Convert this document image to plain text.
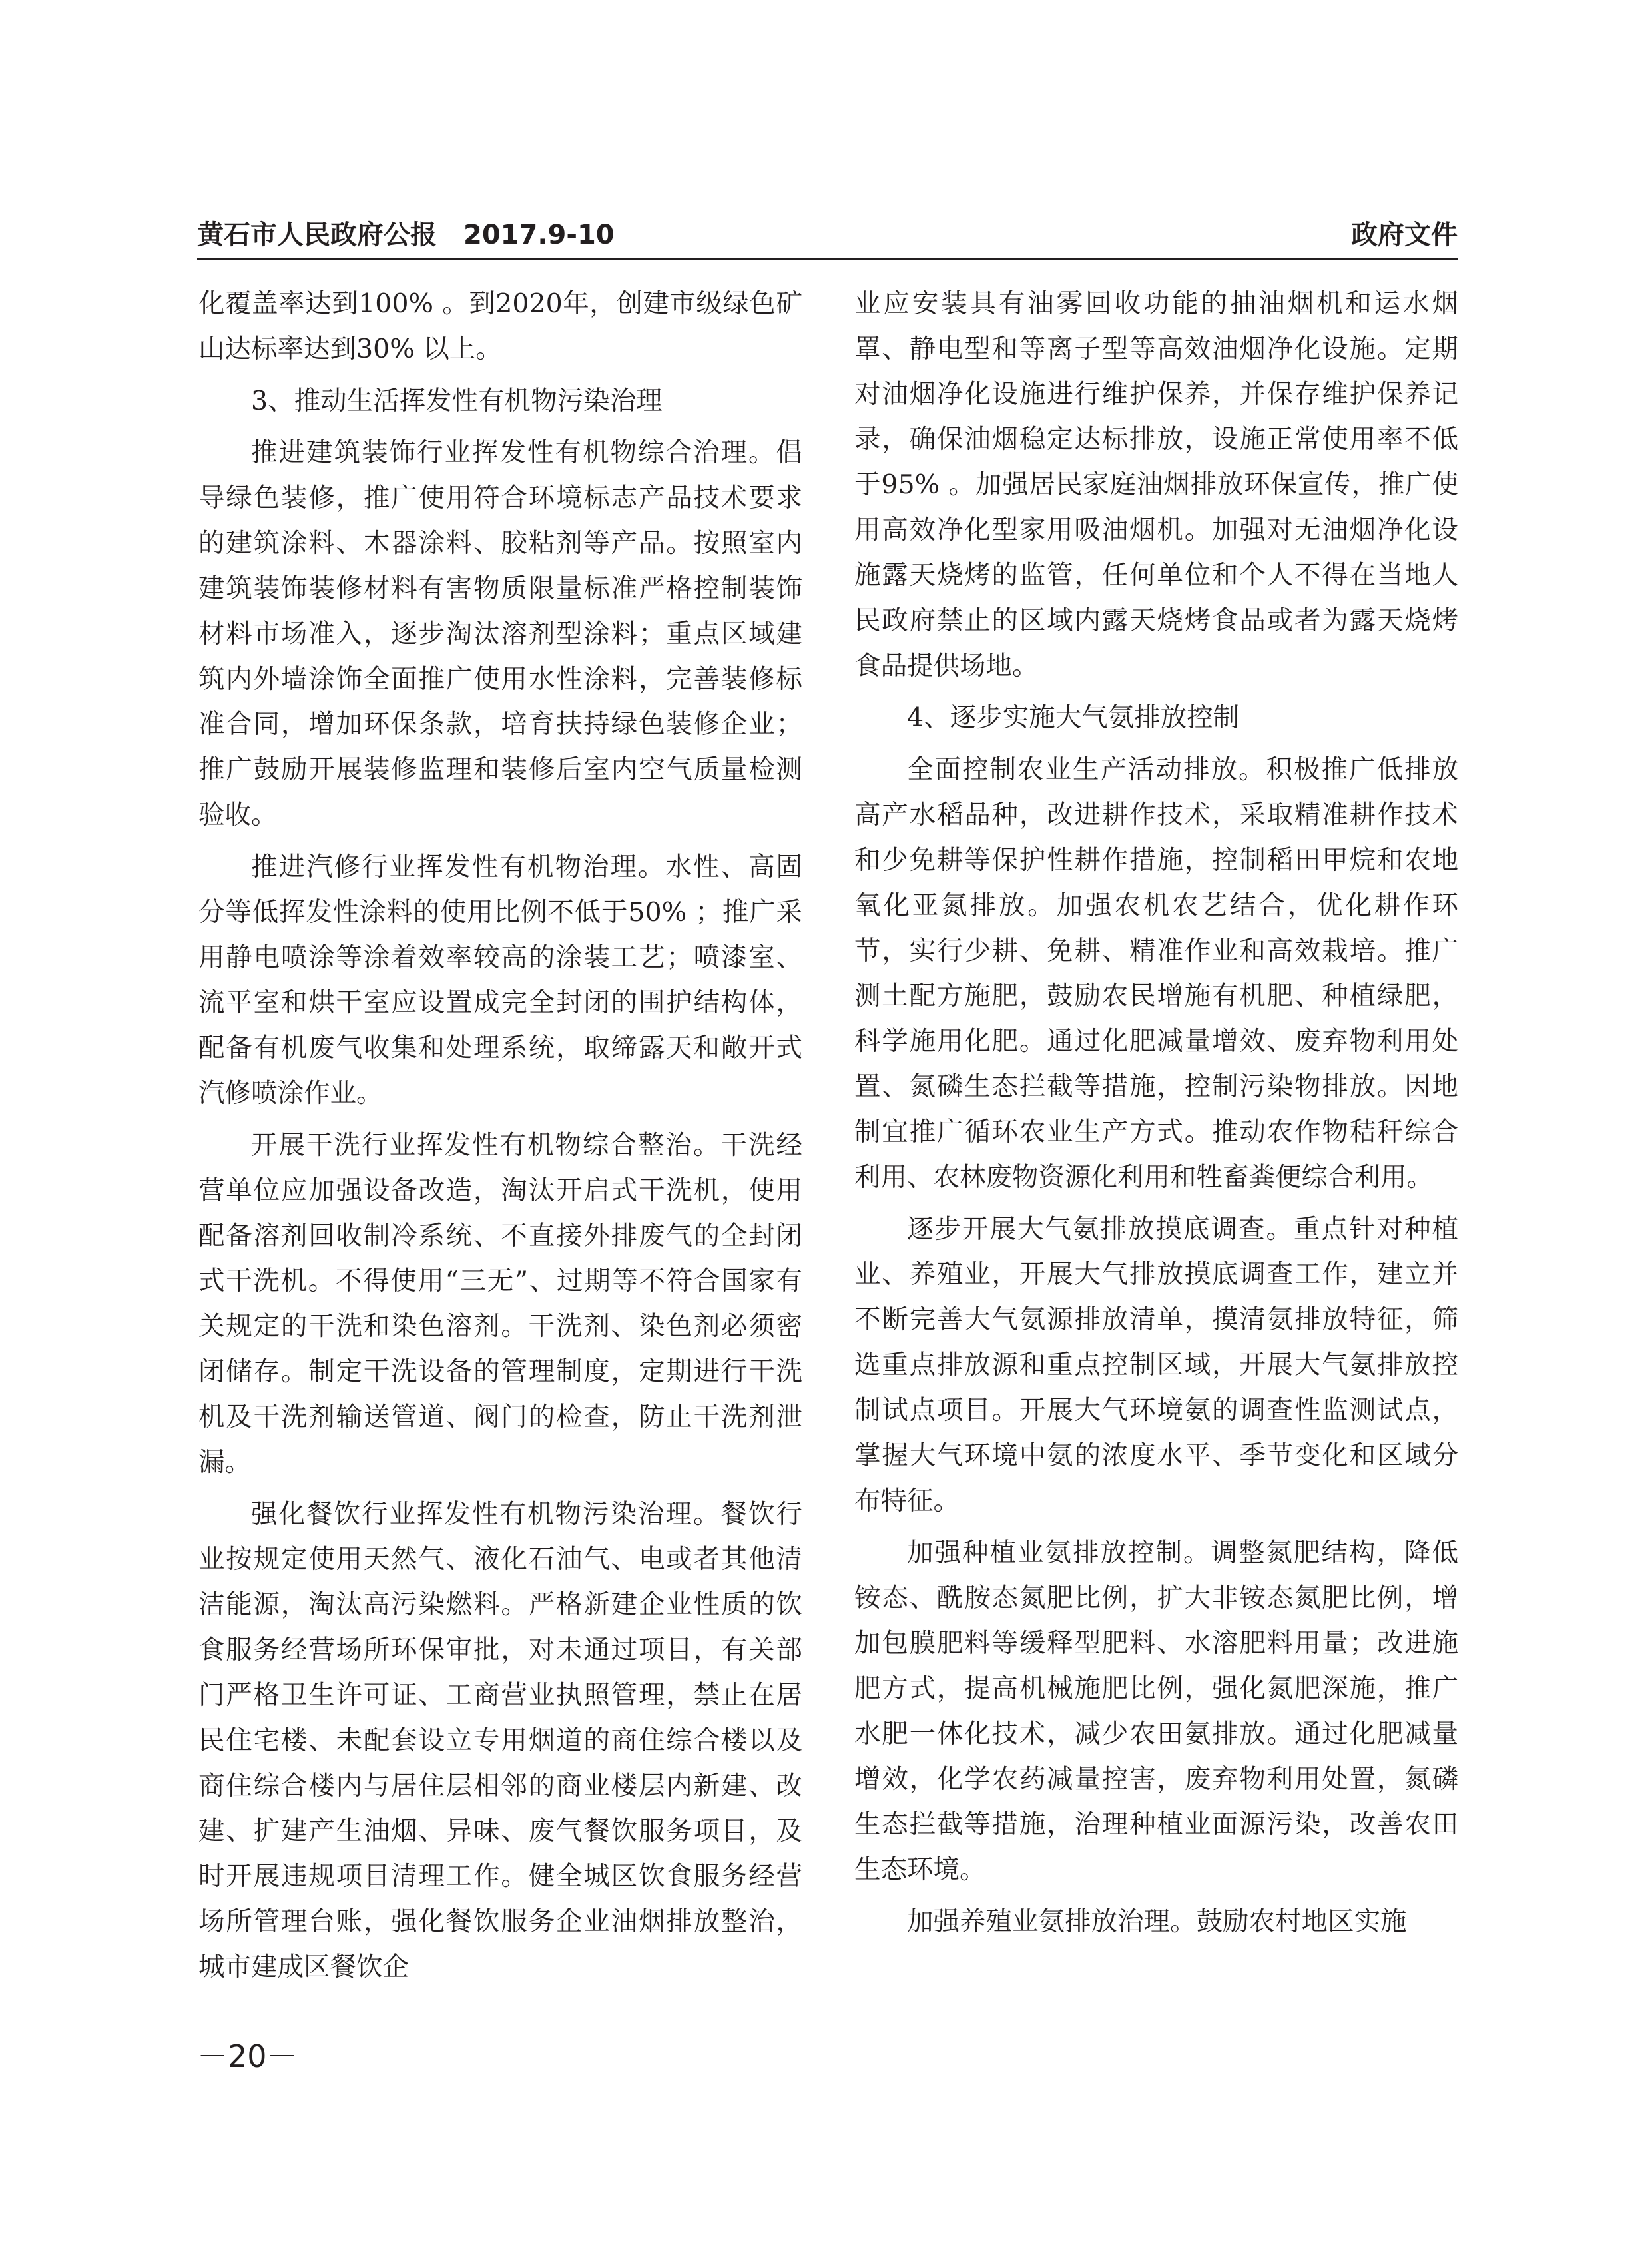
黄石市人民政府公报　2017.9-10	政府文件

化覆盖率达到100% 。到2020年，创建市级绿色矿山达标率达到30% 以上。

3、推动生活挥发性有机物污染治理

推进建筑装饰行业挥发性有机物综合治理。倡导绿色装修，推广使用符合环境标志产品技术要求的建筑涂料、木器涂料、胶粘剂等产品。按照室内建筑装饰装修材料有害物质限量标准严格控制装饰材料市场准入，逐步淘汰溶剂型涂料；重点区域建筑内外墙涂饰全面推广使用水性涂料，完善装修标准合同，增加环保条款，培育扶持绿色装修企业；推广鼓励开展装修监理和装修后室内空气质量检测验收。

推进汽修行业挥发性有机物治理。水性、高固分等低挥发性涂料的使用比例不低于50% ；推广采用静电喷涂等涂着效率较高的涂装工艺；喷漆室、流平室和烘干室应设置成完全封闭的围护结构体，配备有机废气收集和处理系统，取缔露天和敞开式汽修喷涂作业。

开展干洗行业挥发性有机物综合整治。干洗经营单位应加强设备改造，淘汰开启式干洗机，使用配备溶剂回收制冷系统、不直接外排废气的全封闭式干洗机。不得使用“三无”、过期等不符合国家有关规定的干洗和染色溶剂。干洗剂、染色剂必须密闭储存。制定干洗设备的管理制度，定期进行干洗机及干洗剂输送管道、阀门的检查，防止干洗剂泄漏。

强化餐饮行业挥发性有机物污染治理。餐饮行业按规定使用天然气、液化石油气、电或者其他清洁能源，淘汰高污染燃料。严格新建企业性质的饮食服务经营场所环保审批，对未通过项目，有关部门严格卫生许可证、工商营业执照管理，禁止在居民住宅楼、未配套设立专用烟道的商住综合楼以及商住综合楼内与居住层相邻的商业楼层内新建、改建、扩建产生油烟、异味、废气餐饮服务项目，及时开展违规项目清理工作。健全城区饮食服务经营场所管理台账，强化餐饮服务企业油烟排放整治，城市建成区餐饮企

业应安装具有油雾回收功能的抽油烟机和运水烟罩、静电型和等离子型等高效油烟净化设施。定期对油烟净化设施进行维护保养，并保存维护保养记录，确保油烟稳定达标排放，设施正常使用率不低于95% 。加强居民家庭油烟排放环保宣传，推广使用高效净化型家用吸油烟机。加强对无油烟净化设施露天烧烤的监管，任何单位和个人不得在当地人民政府禁止的区域内露天烧烤食品或者为露天烧烤食品提供场地。

4、逐步实施大气氨排放控制

全面控制农业生产活动排放。积极推广低排放高产水稻品种，改进耕作技术，采取精准耕作技术和少免耕等保护性耕作措施，控制稻田甲烷和农地氧化亚氮排放。加强农机农艺结合，优化耕作环节，实行少耕、免耕、精准作业和高效栽培。推广测土配方施肥，鼓励农民增施有机肥、种植绿肥，科学施用化肥。通过化肥减量增效、废弃物利用处置、氮磷生态拦截等措施，控制污染物排放。因地制宜推广循环农业生产方式。推动农作物秸秆综合利用、农林废物资源化利用和牲畜粪便综合利用。

逐步开展大气氨排放摸底调查。重点针对种植业、养殖业，开展大气排放摸底调查工作，建立并不断完善大气氨源排放清单，摸清氨排放特征，筛选重点排放源和重点控制区域，开展大气氨排放控制试点项目。开展大气环境氨的调查性监测试点，掌握大气环境中氨的浓度水平、季节变化和区域分布特征。

加强种植业氨排放控制。调整氮肥结构，降低铵态、酰胺态氮肥比例，扩大非铵态氮肥比例，增加包膜肥料等缓释型肥料、水溶肥料用量；改进施肥方式，提高机械施肥比例，强化氮肥深施，推广水肥一体化技术，减少农田氨排放。通过化肥减量增效，化学农药减量控害，废弃物利用处置，氮磷生态拦截等措施，治理种植业面源污染，改善农田生态环境。

加强养殖业氨排放治理。鼓励农村地区实施

－20－
